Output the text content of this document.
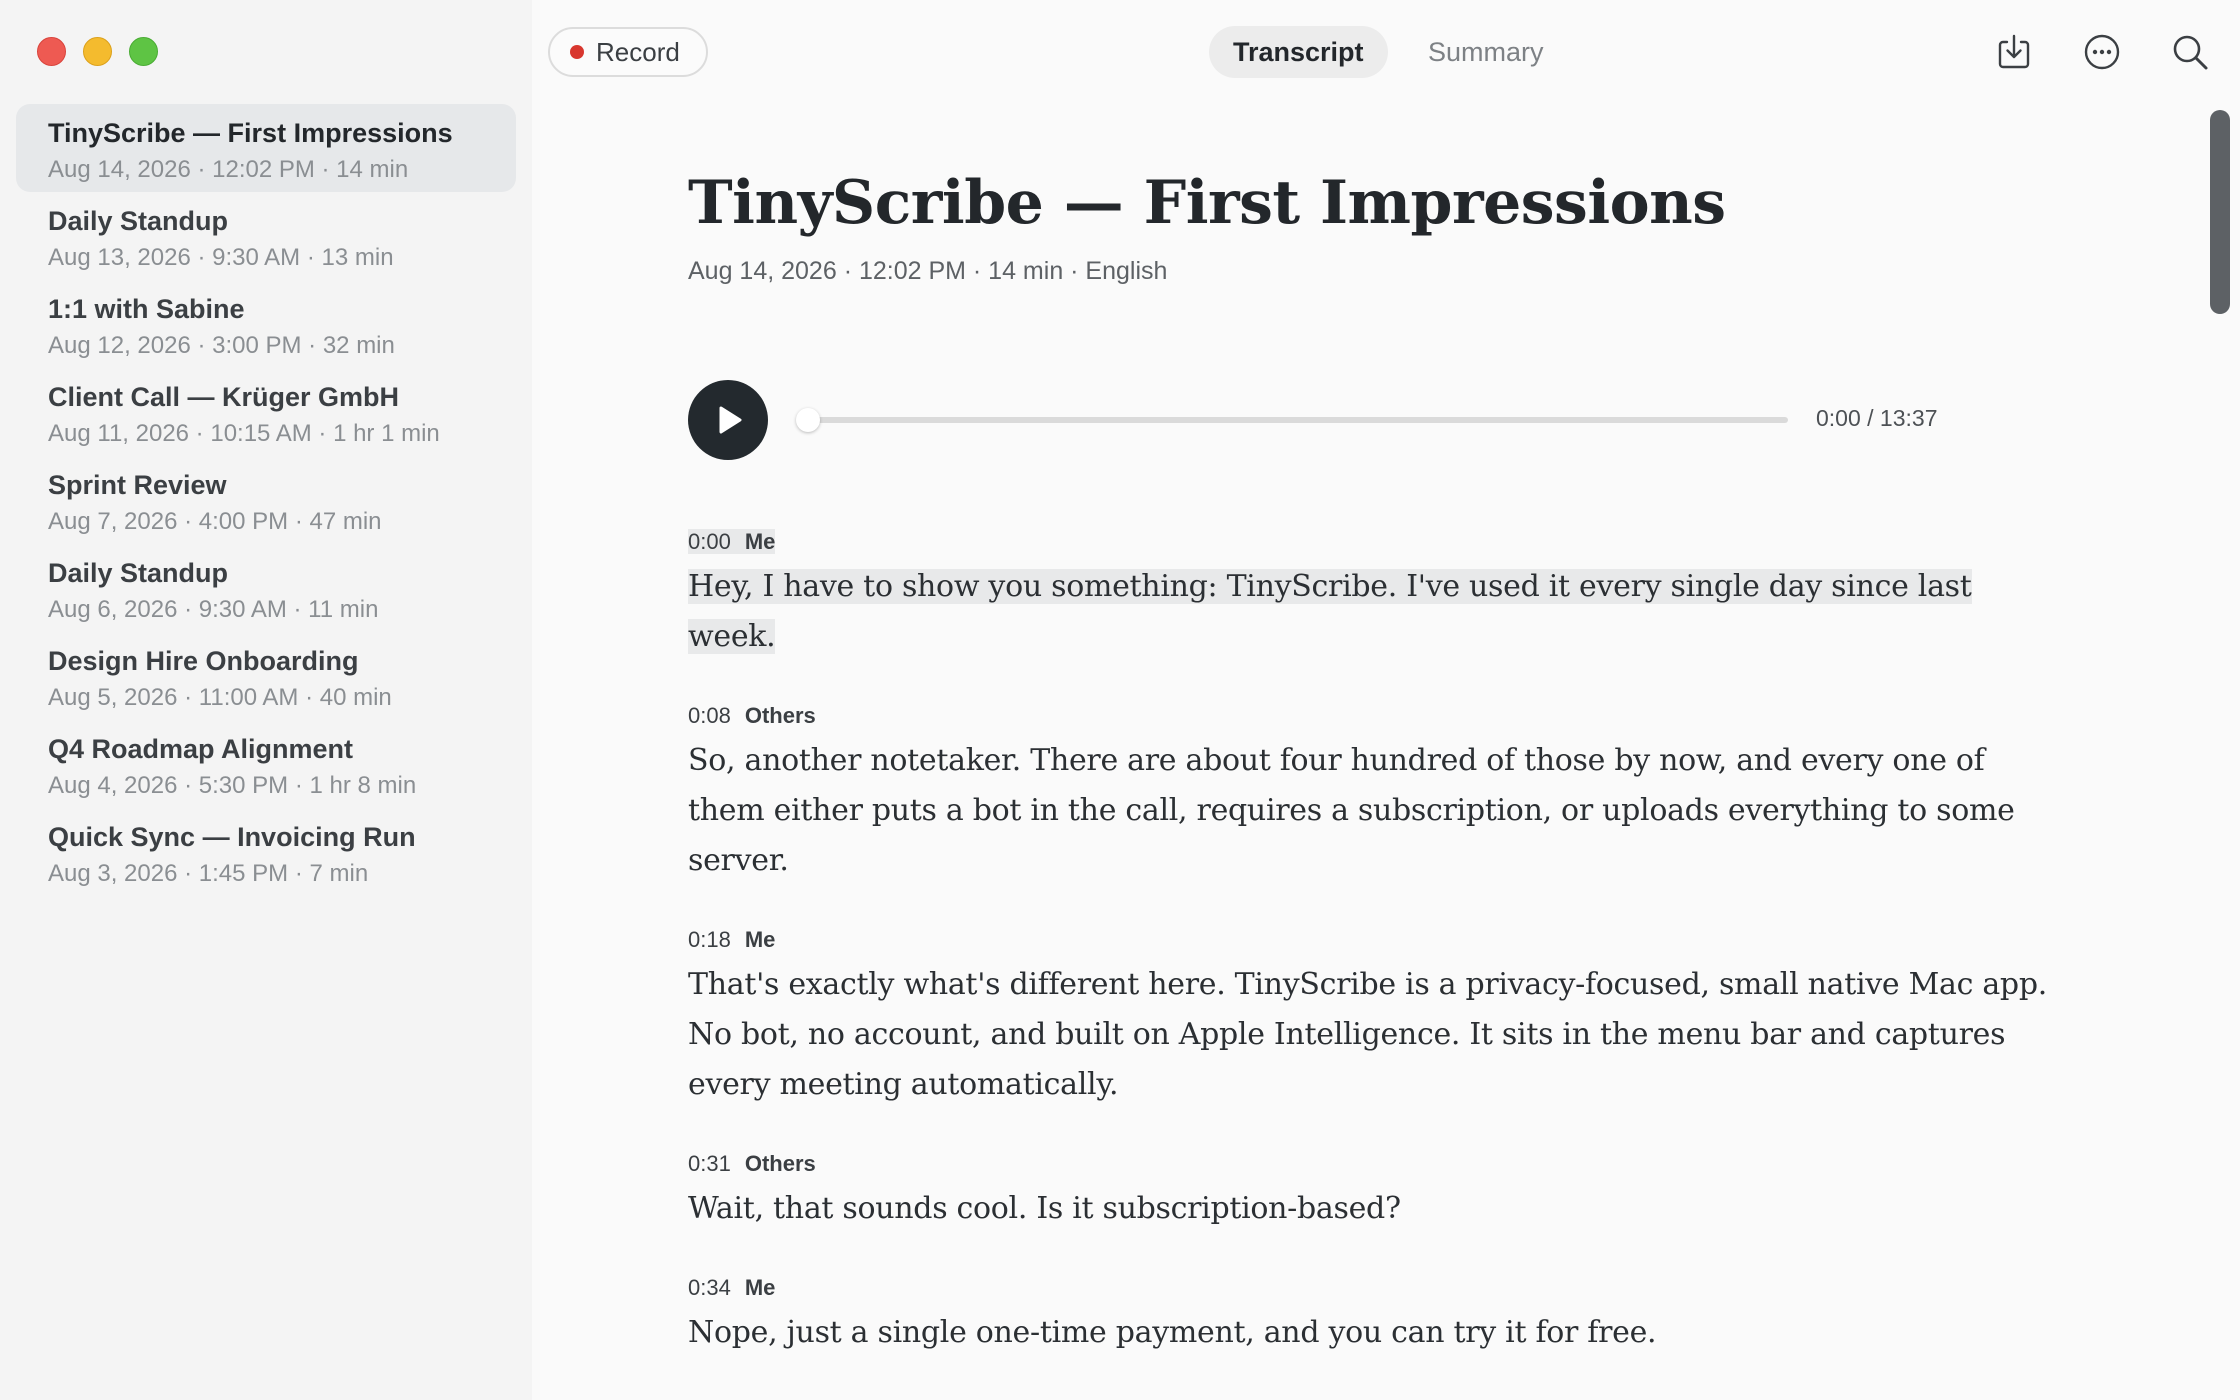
TinyScribe — First Impressions
Aug 14, 2026 · 12:02 PM · 14 min
Daily Standup
Aug 13, 2026 · 9:30 AM · 13 min
1:1 with Sabine
Aug 12, 2026 · 3:00 PM · 32 min
Client Call — Krüger GmbH
Aug 11, 2026 · 10:15 AM · 1 hr 1 min
Sprint Review
Aug 7, 2026 · 4:00 PM · 47 min
Daily Standup
Aug 6, 2026 · 9:30 AM · 11 min
Design Hire Onboarding
Aug 5, 2026 · 11:00 AM · 40 min
Q4 Roadmap Alignment
Aug 4, 2026 · 5:30 PM · 1 hr 8 min
Quick Sync — Invoicing Run
Aug 3, 2026 · 1:45 PM · 7 min
Record	Transcript	Summary
TinyScribe — First Impressions
Aug 14, 2026 · 12:02 PM · 14 min · English
0:00 / 13:37
0:00 Me
Hey, I have to show you something: TinyScribe. I've used it every single day since last week.
0:08 Others
So, another notetaker. There are about four hundred of those by now, and every one of them either puts a bot in the call, requires a subscription, or uploads everything to some server.
0:18 Me
That's exactly what's different here. TinyScribe is a privacy-focused, small native Mac app. No bot, no account, and built on Apple Intelligence. It sits in the menu bar and captures every meeting automatically.
0:31 Others
Wait, that sounds cool. Is it subscription-based?
0:34 Me
Nope, just a single one-time payment, and you can try it for free.
